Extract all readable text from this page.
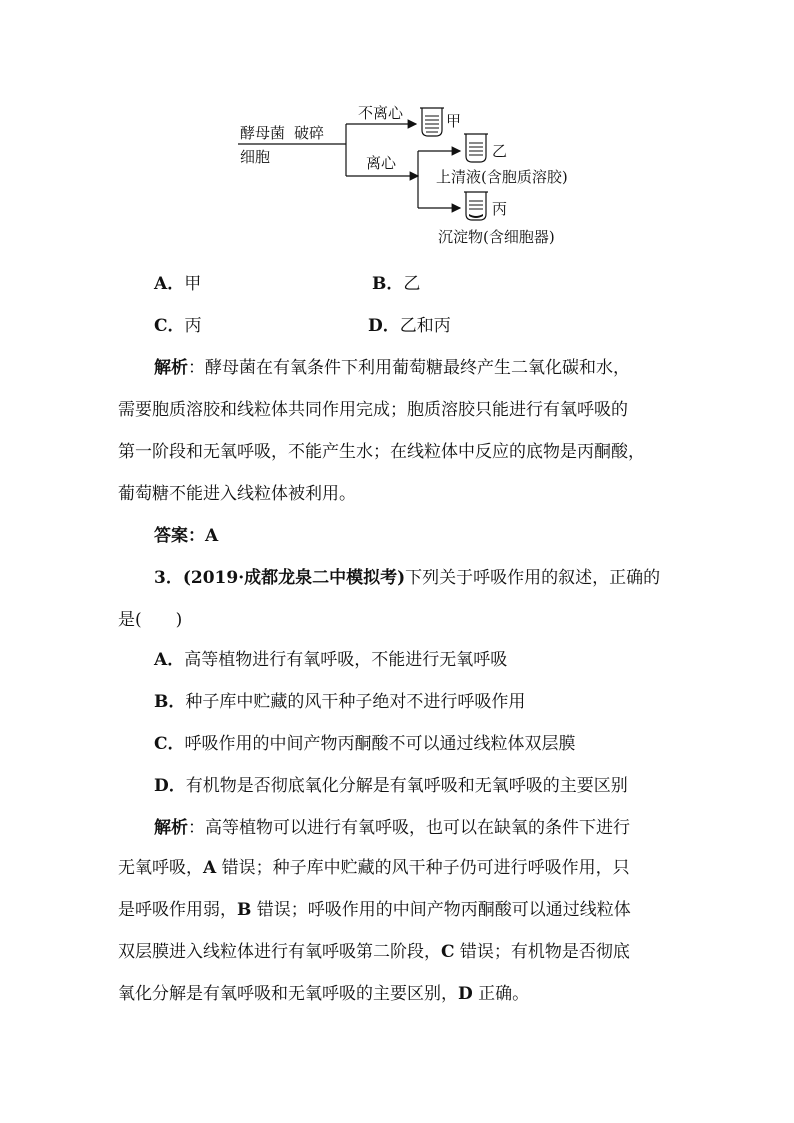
酵母菌
细胞
破碎
不离心
离心
甲
乙
上清液(含胞质溶胶)
丙
沉淀物(含细胞器)
A．甲	B．乙
C．丙	D．乙和丙
解析：酵母菌在有氧条件下利用葡萄糖最终产生二氧化碳和水，
需要胞质溶胶和线粒体共同作用完成；胞质溶胶只能进行有氧呼吸的
第一阶段和无氧呼吸，不能产生水；在线粒体中反应的底物是丙酮酸，
葡萄糖不能进入线粒体被利用。
答案：A
3．(2019·成都龙泉二中模拟考)下列关于呼吸作用的叙述，正确的
是(　　)
A．高等植物进行有氧呼吸，不能进行无氧呼吸
B．种子库中贮藏的风干种子绝对不进行呼吸作用
C．呼吸作用的中间产物丙酮酸不可以通过线粒体双层膜
D．有机物是否彻底氧化分解是有氧呼吸和无氧呼吸的主要区别
解析：高等植物可以进行有氧呼吸，也可以在缺氧的条件下进行
无氧呼吸，A 错误；种子库中贮藏的风干种子仍可进行呼吸作用，只
是呼吸作用弱，B 错误；呼吸作用的中间产物丙酮酸可以通过线粒体
双层膜进入线粒体进行有氧呼吸第二阶段，C 错误；有机物是否彻底
氧化分解是有氧呼吸和无氧呼吸的主要区别，D 正确。
